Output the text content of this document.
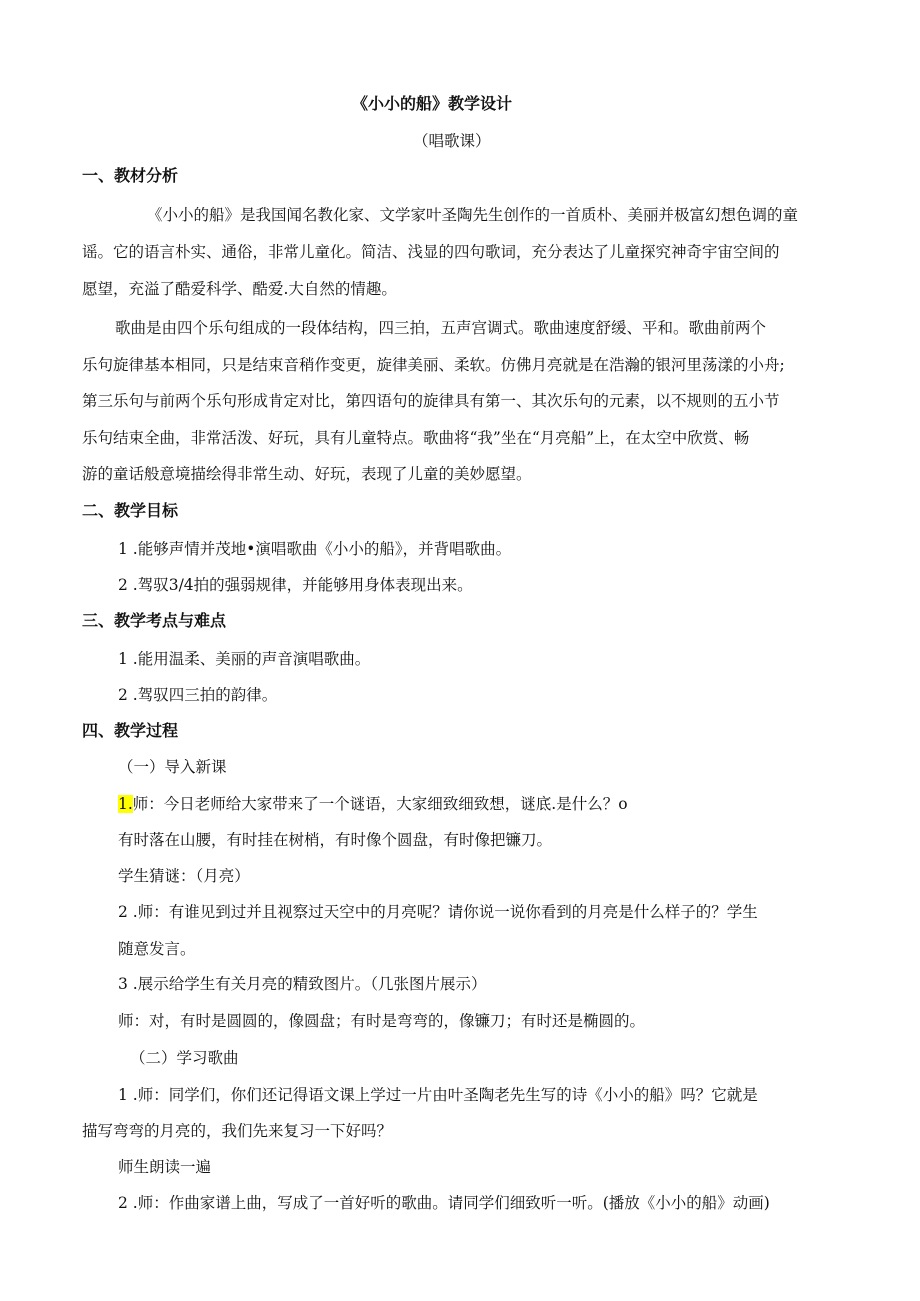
《小小的船》教学设计
（唱歌课）
一、教材分析
《小小的船》是我国闻名教化家、文学家叶圣陶先生创作的一首质朴、美丽并极富幻想色调的童
谣。它的语言朴实、通俗，非常儿童化。简洁、浅显的四句歌词，充分表达了儿童探究神奇宇宙空间的
愿望，充溢了酷爱科学、酷爱.大自然的情趣。
歌曲是由四个乐句组成的一段体结构，四三拍，五声宫调式。歌曲速度舒缓、平和。歌曲前两个
乐句旋律基本相同，只是结束音稍作变更，旋律美丽、柔软。仿佛月亮就是在浩瀚的银河里荡漾的小舟;
第三乐句与前两个乐句形成肯定对比，第四语句的旋律具有第一、其次乐句的元素，以不规则的五小节
乐句结束全曲，非常活泼、好玩，具有儿童特点。歌曲将“我”坐在“月亮船”上，在太空中欣赏、畅
游的童话般意境描绘得非常生动、好玩，表现了儿童的美妙愿望。
二、教学目标
1 .能够声情并茂地•演唱歌曲《小小的船》，并背唱歌曲。
2 .驾驭3/4拍的强弱规律，并能够用身体表现出来。
三、教学考点与难点
1 .能用温柔、美丽的声音演唱歌曲。
2 .驾驭四三拍的韵律。
四、教学过程
（一）导入新课
1.师：今日老师给大家带来了一个谜语，大家细致细致想，谜底.是什么？o
有时落在山腰，有时挂在树梢，有时像个圆盘，有时像把镰刀。
学生猜谜：（月亮）
2 .师：有谁见到过并且视察过天空中的月亮呢？请你说一说你看到的月亮是什么样子的？学生
随意发言。
3 .展示给学生有关月亮的精致图片。（几张图片展示）
师：对，有时是圆圆的，像圆盘；有时是弯弯的，像镰刀；有时还是椭圆的。
（二）学习歌曲
1 .师：同学们，你们还记得语文课上学过一片由叶圣陶老先生写的诗《小小的船》吗？它就是
描写弯弯的月亮的，我们先来复习一下好吗？
师生朗读一遍
2 .师：作曲家谱上曲，写成了一首好听的歌曲。请同学们细致听一听。(播放《小小的船》动画)
